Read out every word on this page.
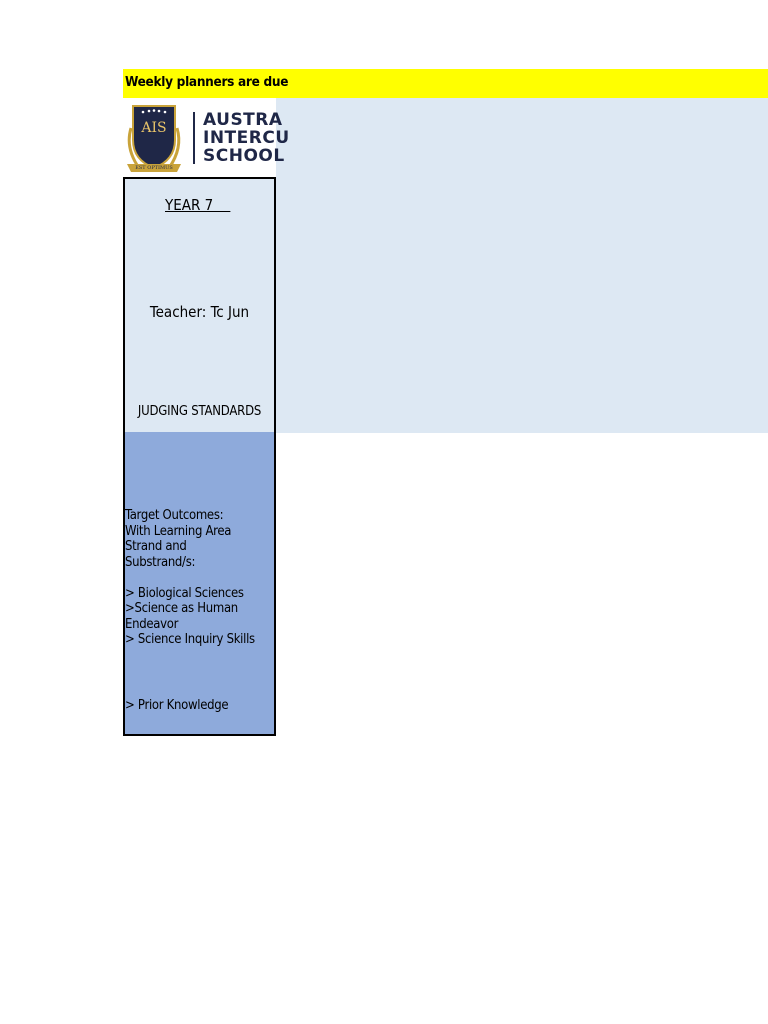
Weekly planners are due
AIS
EST OPTIMUS
AUSTRA
INTERCU
SCHOOL
YEAR 7
Teacher: Tc Jun
JUDGING STANDARDS
Target Outcomes:
With Learning Area
Strand and
Substrand/s:
> Biological Sciences
>Science as Human
Endeavor
> Science Inquiry Skills
> Prior Knowledge
